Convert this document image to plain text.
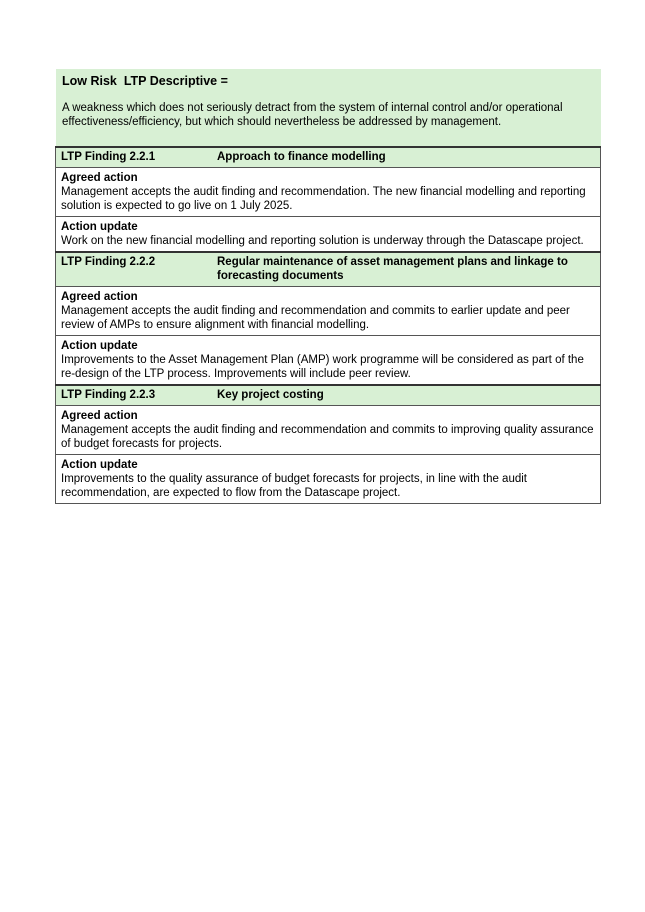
Low Risk  LTP Descriptive =

A weakness which does not seriously detract from the system of internal control and/or operational effectiveness/efficiency, but which should nevertheless be addressed by management.

LTP Finding 2.2.1	Approach to finance modelling

Agreed action
Management accepts the audit finding and recommendation. The new financial modelling and reporting solution is expected to go live on 1 July 2025.

Action update
Work on the new financial modelling and reporting solution is underway through the Datascape project.

LTP Finding 2.2.2	Regular maintenance of asset management plans and linkage to forecasting documents

Agreed action
Management accepts the audit finding and recommendation and commits to earlier update and peer review of AMPs to ensure alignment with financial modelling.

Action update
Improvements to the Asset Management Plan (AMP) work programme will be considered as part of the re-design of the LTP process. Improvements will include peer review.

LTP Finding 2.2.3	Key project costing

Agreed action
Management accepts the audit finding and recommendation and commits to improving quality assurance of budget forecasts for projects.

Action update
Improvements to the quality assurance of budget forecasts for projects, in line with the audit recommendation, are expected to flow from the Datascape project.
